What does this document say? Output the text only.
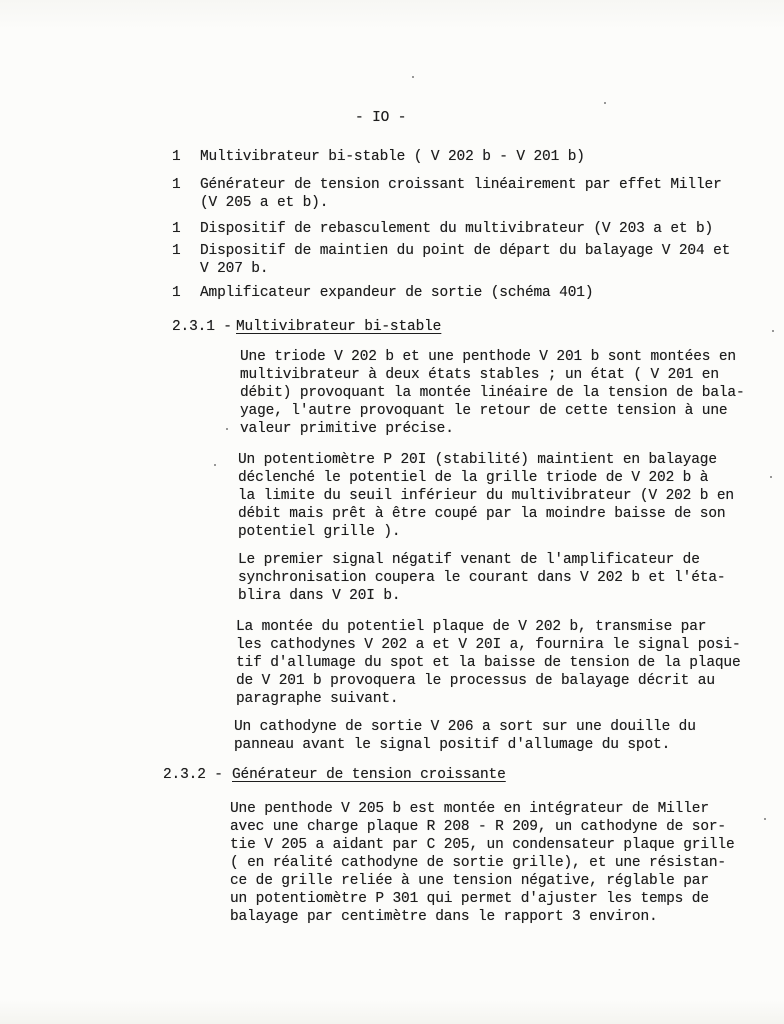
- IO -
1 Multivibrateur bi-stable ( V 202 b - V 201 b)
1 Générateur de tension croissant linéairement par effet Miller
(V 205 a et b).
1 Dispositif de rebasculement du multivibrateur (V 203 a et b)
1 Dispositif de maintien du point de départ du balayage V 204 et
V 207 b.
1 Amplificateur expandeur de sortie (schéma 401)
2.3.1 -
Multivibrateur bi-stable
Une triode V 202 b et une penthode V 201 b sont montées en
multivibrateur à deux états stables ; un état ( V 201 en
débit) provoquant la montée linéaire de la tension de bala-
yage, l'autre provoquant le retour de cette tension à une
valeur primitive précise.
Un potentiomètre P 20I (stabilité) maintient en balayage
déclenché le potentiel de la grille triode de V 202 b à
la limite du seuil inférieur du multivibrateur (V 202 b en
débit mais prêt à être coupé par la moindre baisse de son
potentiel grille ).
Le premier signal négatif venant de l'amplificateur de
synchronisation coupera le courant dans V 202 b et l'éta-
blira dans V 20I b.
La montée du potentiel plaque de V 202 b, transmise par
les cathodynes V 202 a et V 20I a, fournira le signal posi-
tif d'allumage du spot et la baisse de tension de la plaque
de V 201 b provoquera le processus de balayage décrit au
paragraphe suivant.
Un cathodyne de sortie V 206 a sort sur une douille du
panneau avant le signal positif d'allumage du spot.
2.3.2 - Générateur de tension croissante
Une penthode V 205 b est montée en intégrateur de Miller
avec une charge plaque R 208 - R 209, un cathodyne de sor-
tie V 205 a aidant par C 205, un condensateur plaque grille
( en réalité cathodyne de sortie grille), et une résistan-
ce de grille reliée à une tension négative, réglable par
un potentiomètre P 301 qui permet d'ajuster les temps de
balayage par centimètre dans le rapport 3 environ.
